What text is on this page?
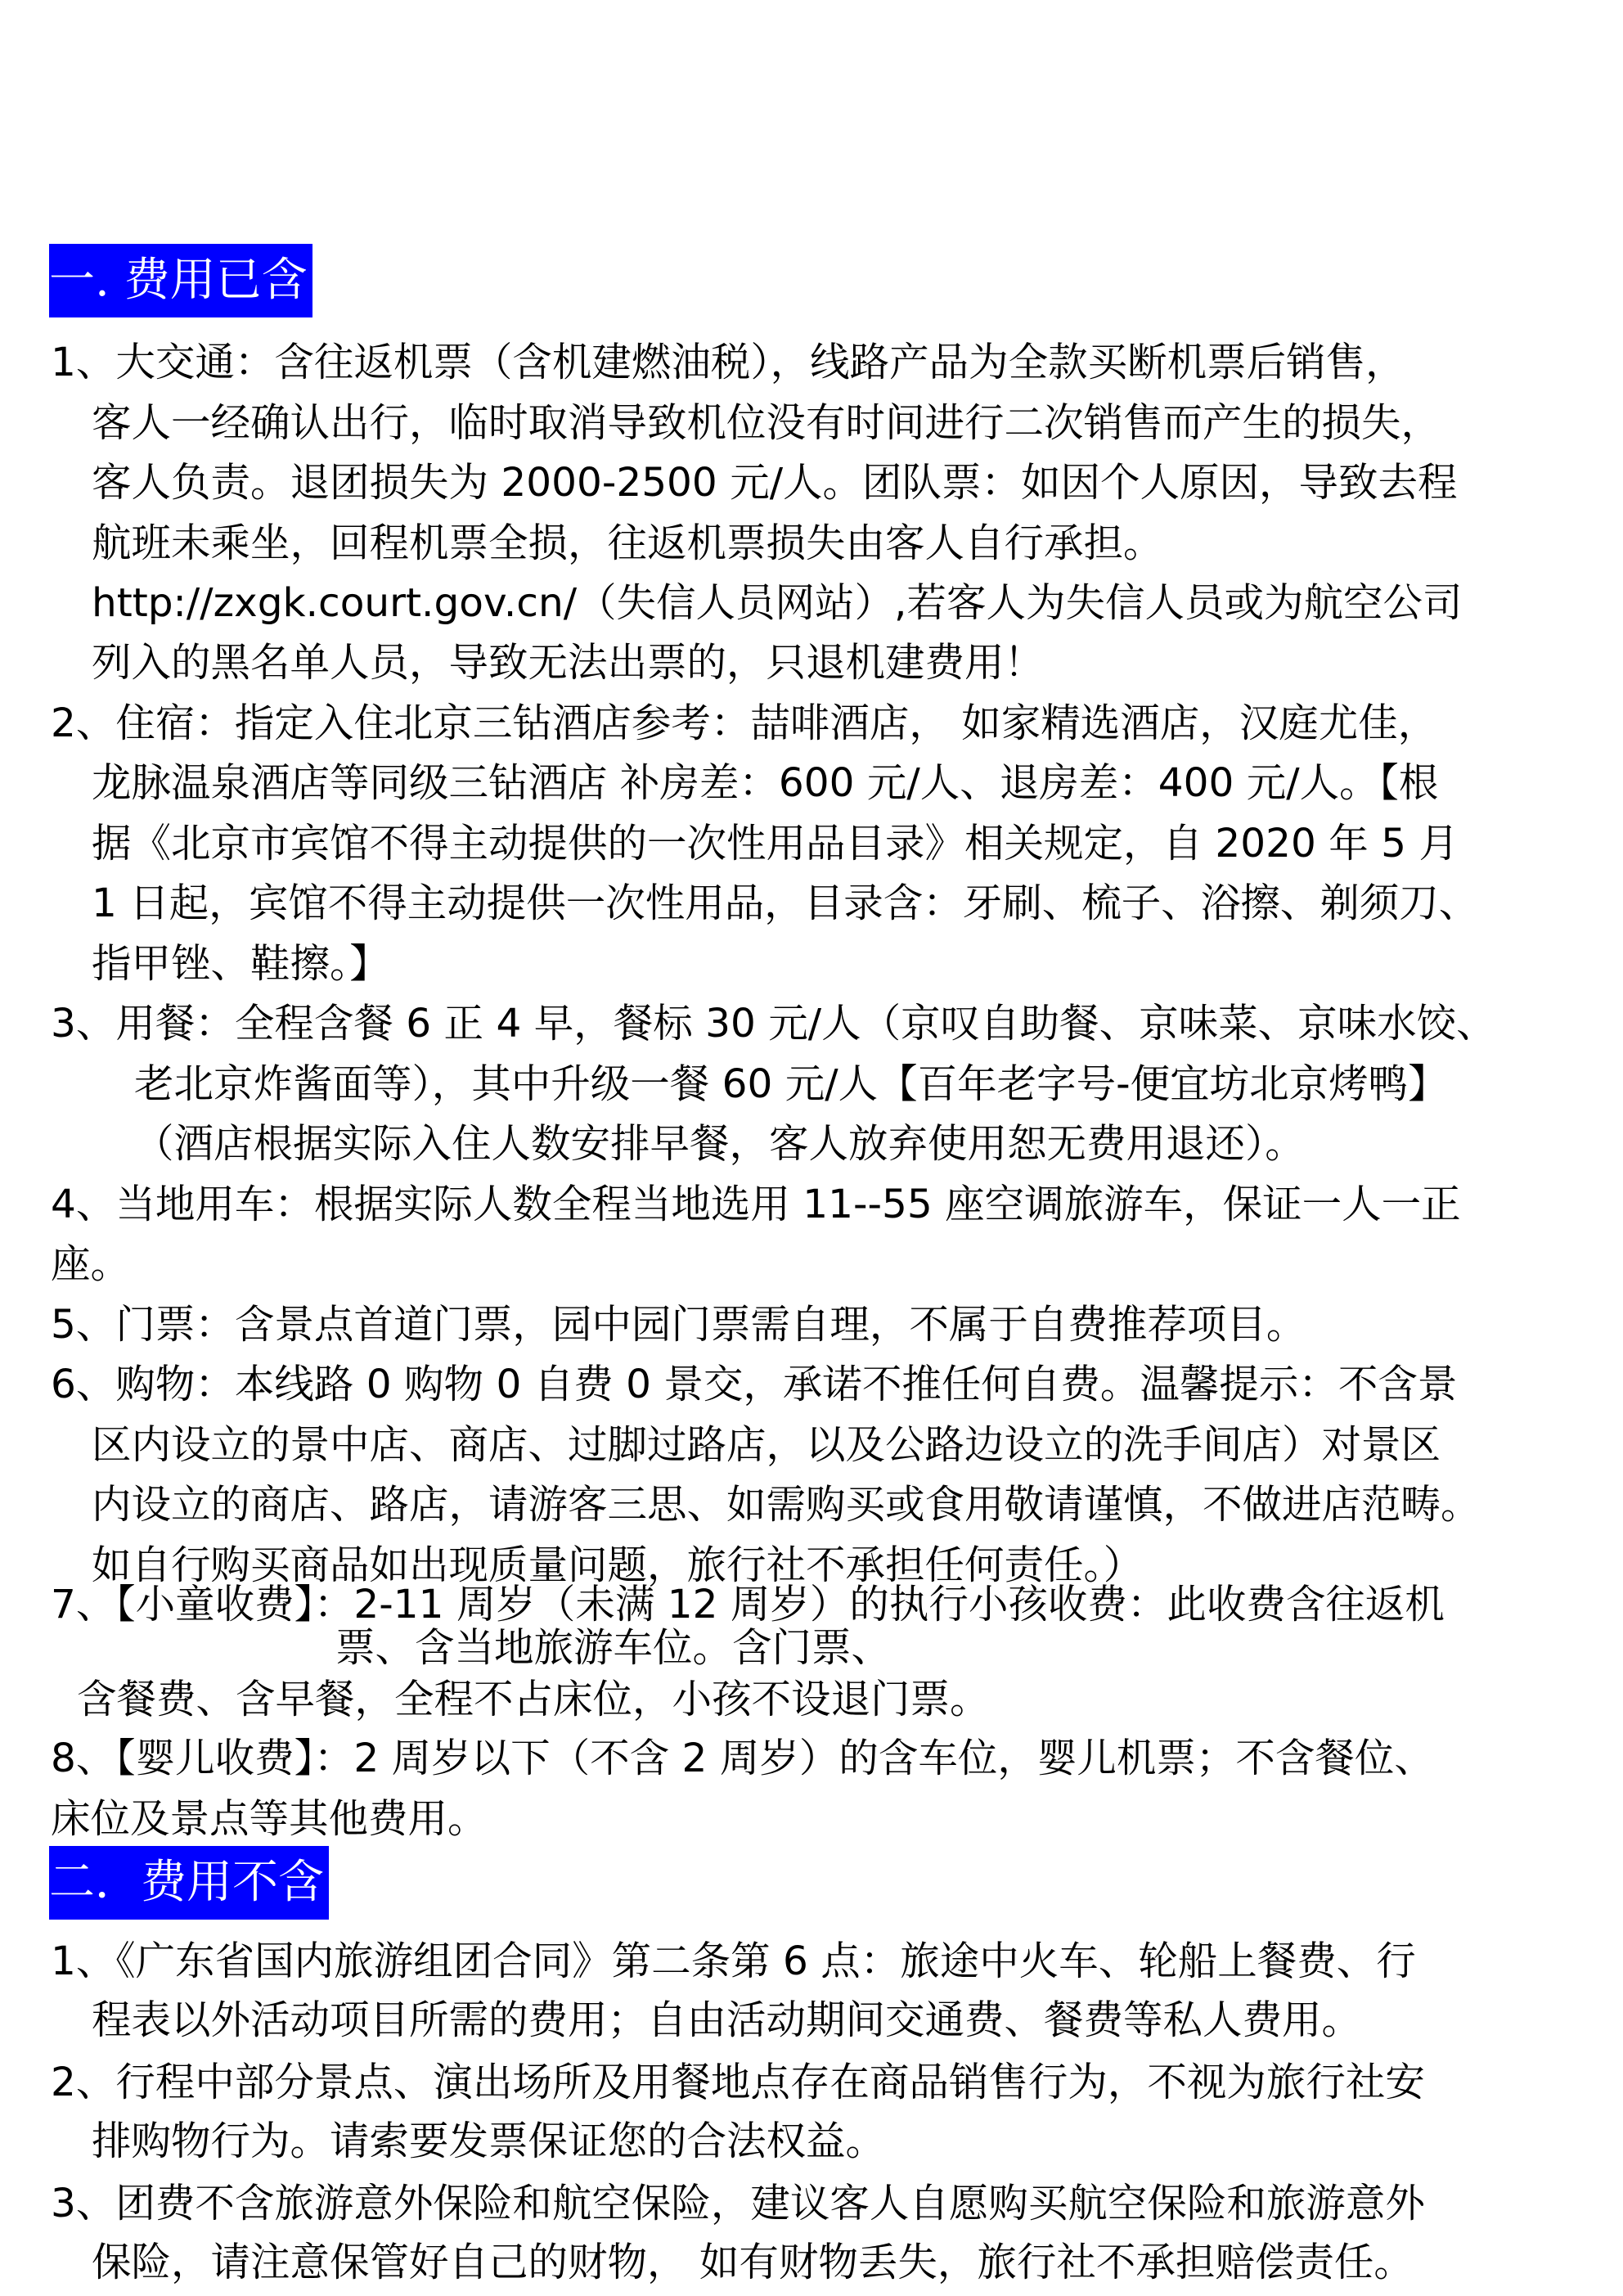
一. 费用已含
1、大交通：含往返机票（含机建燃油税），线路产品为全款买断机票后销售，
客人一经确认出行，临时取消导致机位没有时间进行二次销售而产生的损失，
客人负责。退团损失为 2000-2500 元/人。团队票：如因个人原因，导致去程
航班未乘坐，回程机票全损，往返机票损失由客人自行承担。
http://zxgk.court.gov.cn/（失信人员网站）,若客人为失信人员或为航空公司
列入的黑名单人员，导致无法出票的，只退机建费用！
2、住宿：指定入住北京三钻酒店参考：喆啡酒店， 如家精选酒店，汉庭尤佳，
龙脉温泉酒店等同级三钻酒店 补房差：600 元/人、退房差：400 元/人。【根
据《北京市宾馆不得主动提供的一次性用品目录》相关规定，自 2020 年 5 月
1 日起，宾馆不得主动提供一次性用品，目录含：牙刷、梳子、浴擦、剃须刀、
指甲锉、鞋擦。】
3、用餐：全程含餐 6 正 4 早，餐标 30 元/人（京叹自助餐、京味菜、京味水饺、
老北京炸酱面等），其中升级一餐 60 元/人【百年老字号-便宜坊北京烤鸭】
（酒店根据实际入住人数安排早餐，客人放弃使用恕无费用退还）。
4、当地用车：根据实际人数全程当地选用 11--55 座空调旅游车，保证一人一正
座。
5、门票：含景点首道门票，园中园门票需自理，不属于自费推荐项目。
6、购物：本线路 0 购物 0 自费 0 景交，承诺不推任何自费。温馨提示：不含景
区内设立的景中店、商店、过脚过路店，以及公路边设立的洗手间店）对景区
内设立的商店、路店，请游客三思、如需购买或食用敬请谨慎，不做进店范畴。
如自行购买商品如出现质量问题，旅行社不承担任何责任。）
7、【小童收费】：2-11 周岁（未满 12 周岁）的执行小孩收费：此收费含往返机
票、含当地旅游车位。含门票、
含餐费、含早餐，全程不占床位，小孩不设退门票。
8、【婴儿收费】：2 周岁以下（不含 2 周岁）的含车位，婴儿机票；不含餐位、
床位及景点等其他费用。
二．费用不含
1、《广东省国内旅游组团合同》第二条第 6 点：旅途中火车、轮船上餐费、行
程表以外活动项目所需的费用；自由活动期间交通费、餐费等私人费用。
2、行程中部分景点、演出场所及用餐地点存在商品销售行为，不视为旅行社安
排购物行为。请索要发票保证您的合法权益。
3、团费不含旅游意外保险和航空保险，建议客人自愿购买航空保险和旅游意外
保险，请注意保管好自己的财物， 如有财物丢失，旅行社不承担赔偿责任。
